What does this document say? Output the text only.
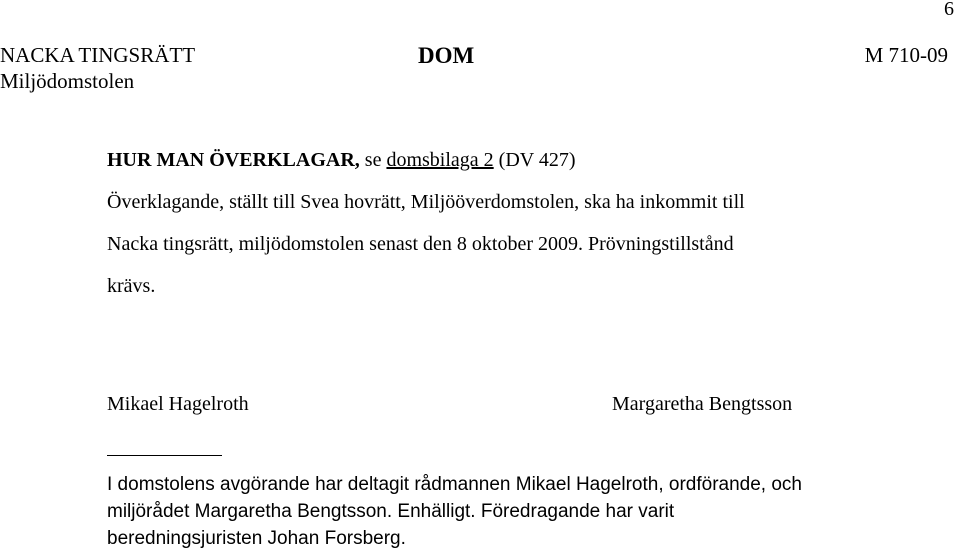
6
NACKA TINGSRÄTT
Miljödomstolen
DOM	M 710-09
HUR MAN ÖVERKLAGAR, se domsbilaga 2 (DV 427)
Överklagande, ställt till Svea hovrätt, Miljööverdomstolen, ska ha inkommit till
Nacka tingsrätt, miljödomstolen senast den 8 oktober 2009. Prövningstillstånd
krävs.
Mikael Hagelroth	Margaretha Bengtsson
I domstolens avgörande har deltagit rådmannen Mikael Hagelroth, ordförande, och
miljörådet Margaretha Bengtsson. Enhälligt. Föredragande har varit
beredningsjuristen Johan Forsberg.
